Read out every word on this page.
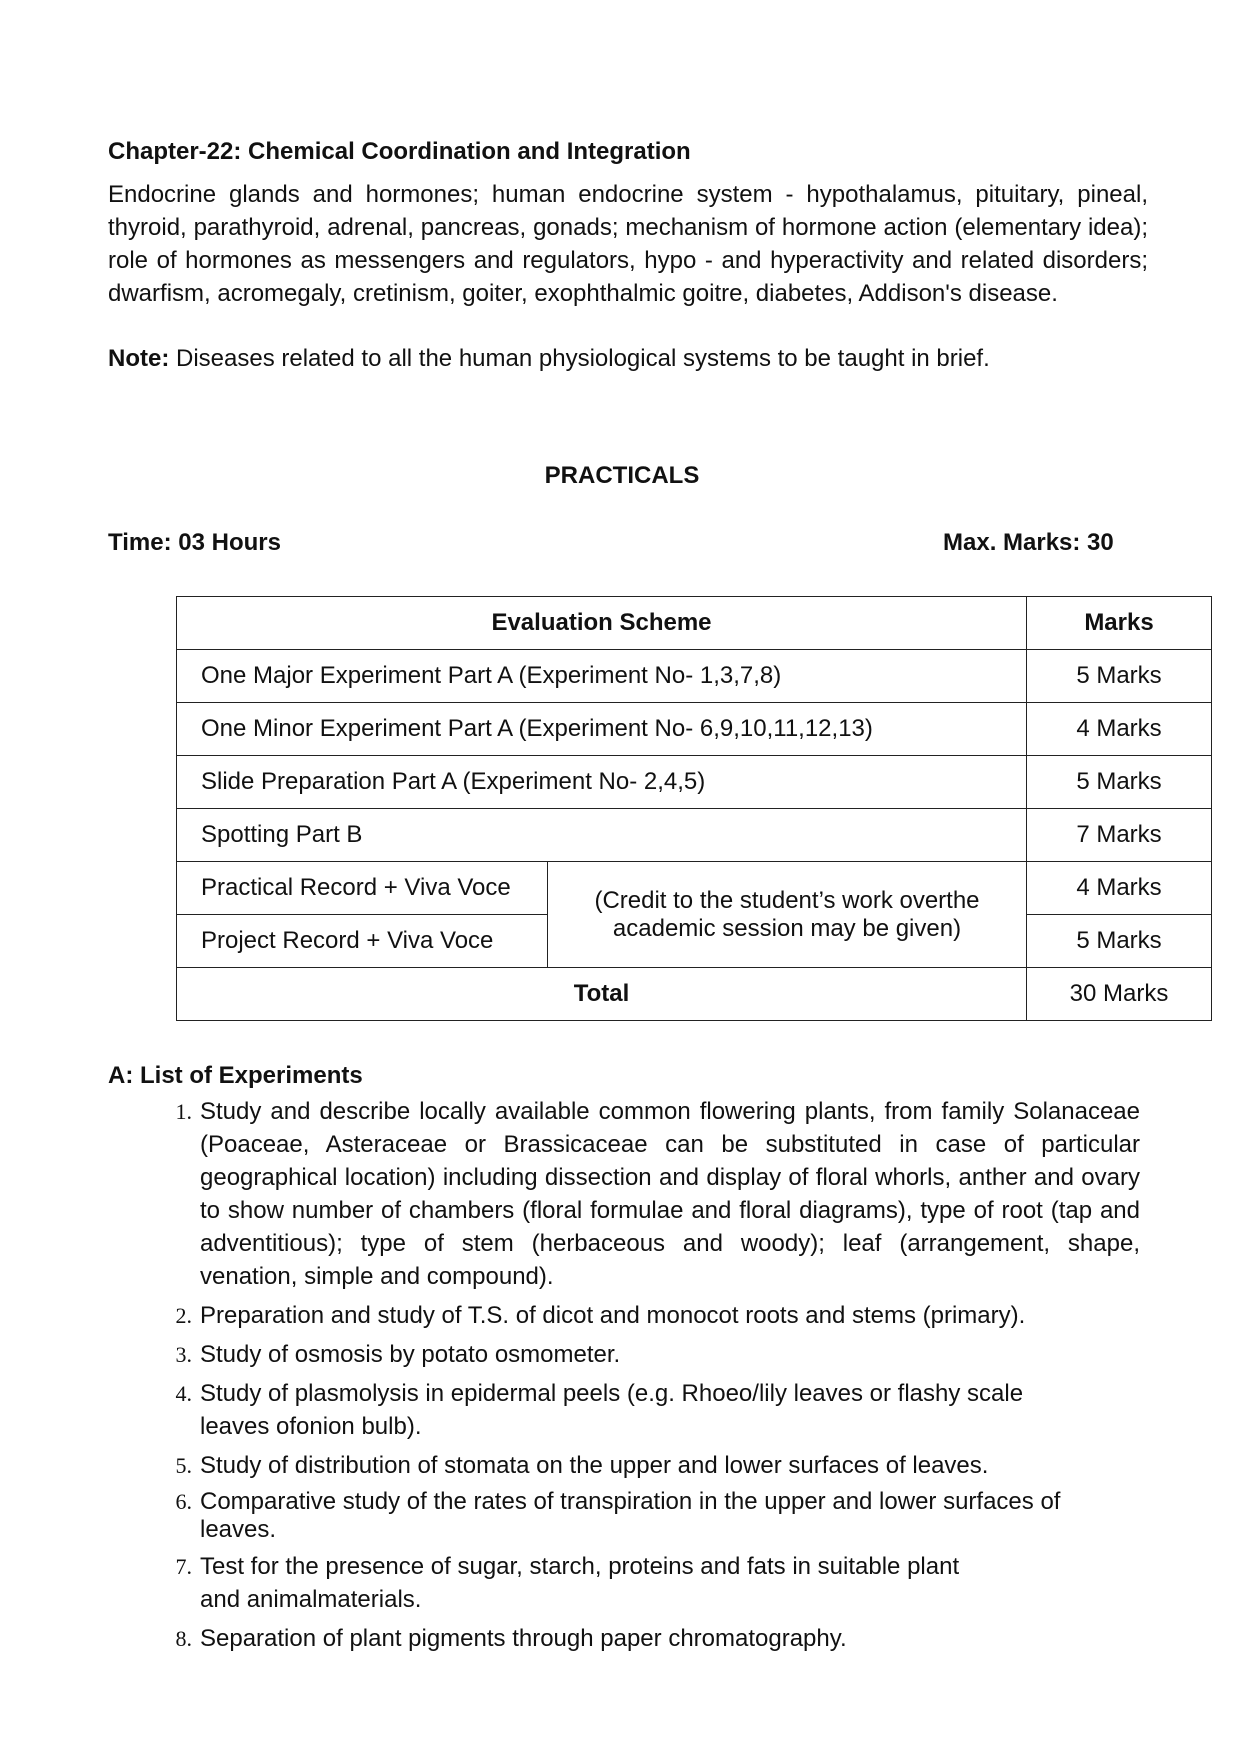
Chapter-22: Chemical Coordination and Integration
Endocrine glands and hormones; human endocrine system - hypothalamus, pituitary, pineal, thyroid, parathyroid, adrenal, pancreas, gonads; mechanism of hormone action (elementary idea); role of hormones as messengers and regulators, hypo - and hyperactivity and related disorders; dwarfism, acromegaly, cretinism, goiter, exophthalmic goitre, diabetes, Addison's disease.
Note: Diseases related to all the human physiological systems to be taught in brief.
PRACTICALS
Time: 03 Hours	Max. Marks: 30
Evaluation Scheme	Marks
One Major Experiment Part A (Experiment No- 1,3,7,8)	5 Marks
One Minor Experiment Part A (Experiment No- 6,9,10,11,12,13)	4 Marks
Slide Preparation Part A (Experiment No- 2,4,5)	5 Marks
Spotting Part B	7 Marks
Practical Record + Viva Voce	(Credit to the student’s work overthe academic session may be given)	4 Marks
Project Record + Viva Voce	5 Marks
Total	30 Marks
A: List of Experiments
1. Study and describe locally available common flowering plants, from family Solanaceae (Poaceae, Asteraceae or Brassicaceae can be substituted in case of particular geographical location) including dissection and display of floral whorls, anther and ovary to show number of chambers (floral formulae and floral diagrams), type of root (tap and adventitious); type of stem (herbaceous and woody); leaf (arrangement, shape, venation, simple and compound).
2. Preparation and study of T.S. of dicot and monocot roots and stems (primary).
3. Study of osmosis by potato osmometer.
4. Study of plasmolysis in epidermal peels (e.g. Rhoeo/lily leaves or flashy scale leaves ofonion bulb).
5. Study of distribution of stomata on the upper and lower surfaces of leaves.
6. Comparative study of the rates of transpiration in the upper and lower surfaces of leaves.
7. Test for the presence of sugar, starch, proteins and fats in suitable plant and animalmaterials.
8. Separation of plant pigments through paper chromatography.
